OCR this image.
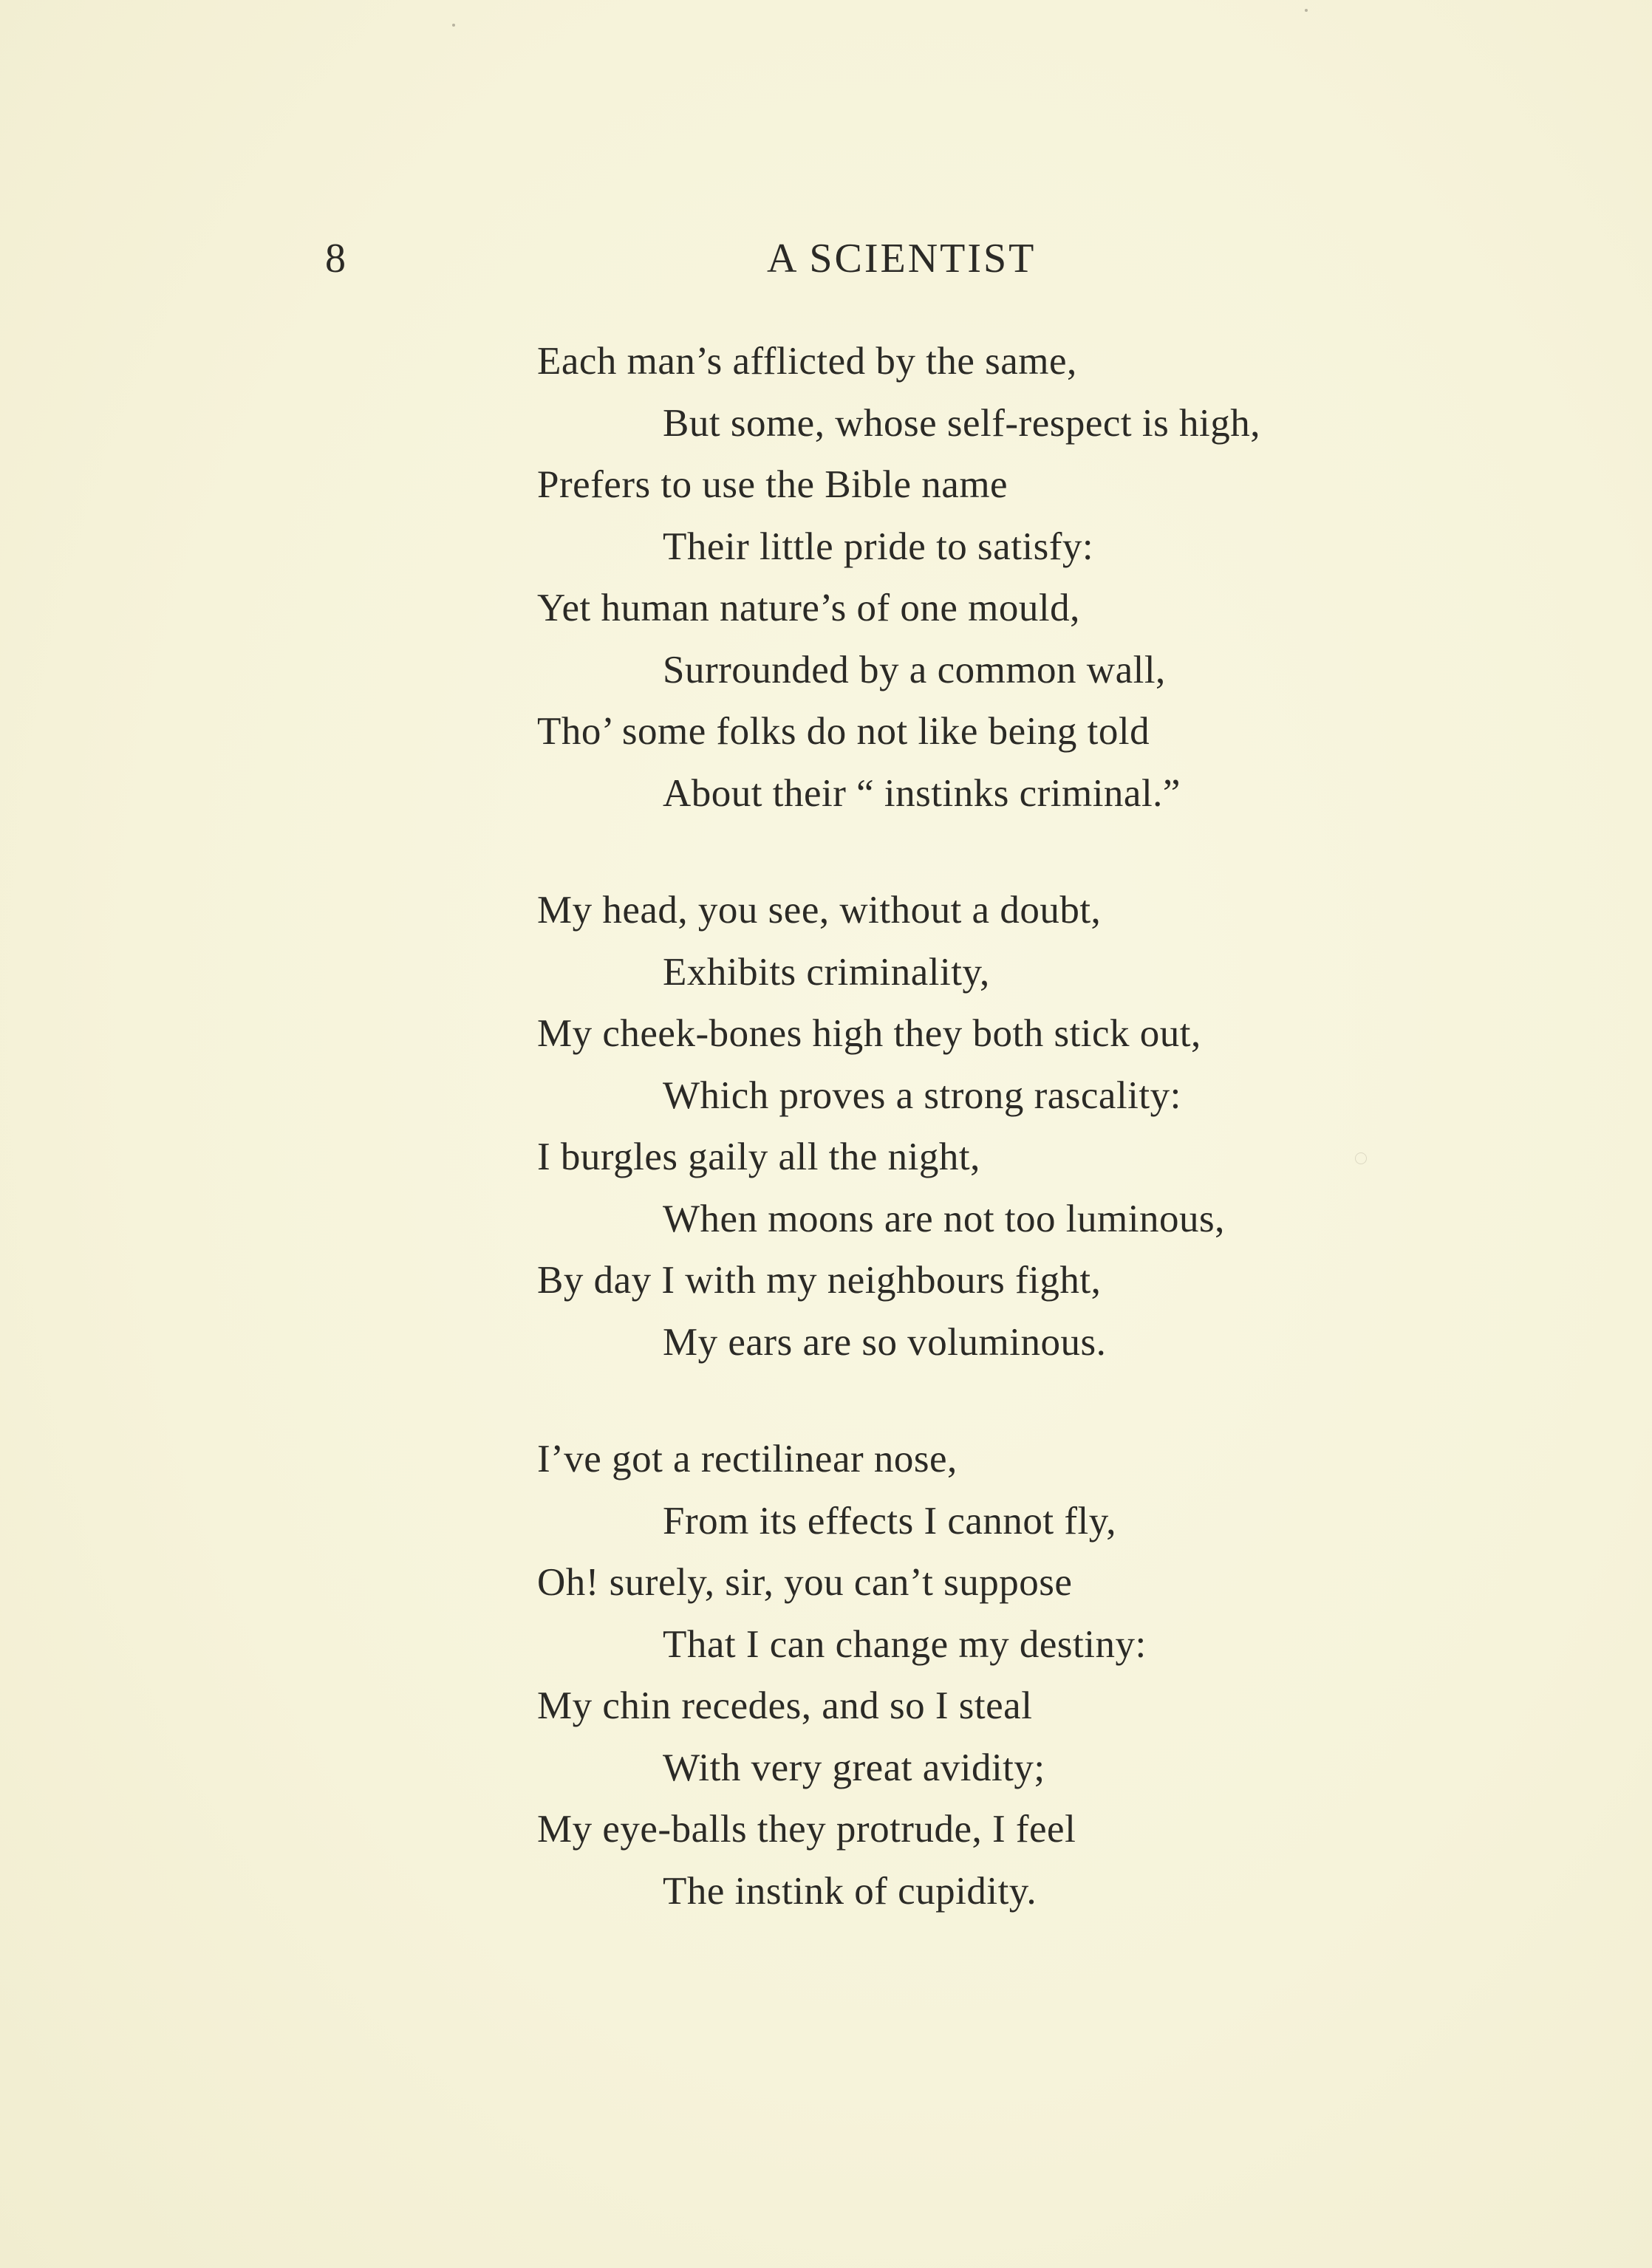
8	A SCIENTIST
Each man’s afflicted by the same,
But some, whose self-respect is high,
Prefers to use the Bible name
Their little pride to satisfy:
Yet human nature’s of one mould,
Surrounded by a common wall,
Tho’ some folks do not like being told
About their “ instinks criminal.”
My head, you see, without a doubt,
Exhibits criminality,
My cheek-bones high they both stick out,
Which proves a strong rascality:
I burgles gaily all the night,
When moons are not too luminous,
By day I with my neighbours fight,
My ears are so voluminous.
I’ve got a rectilinear nose,
From its effects I cannot fly,
Oh! surely, sir, you can’t suppose
That I can change my destiny:
My chin recedes, and so I steal
With very great avidity;
My eye-balls they protrude, I feel
The instink of cupidity.
